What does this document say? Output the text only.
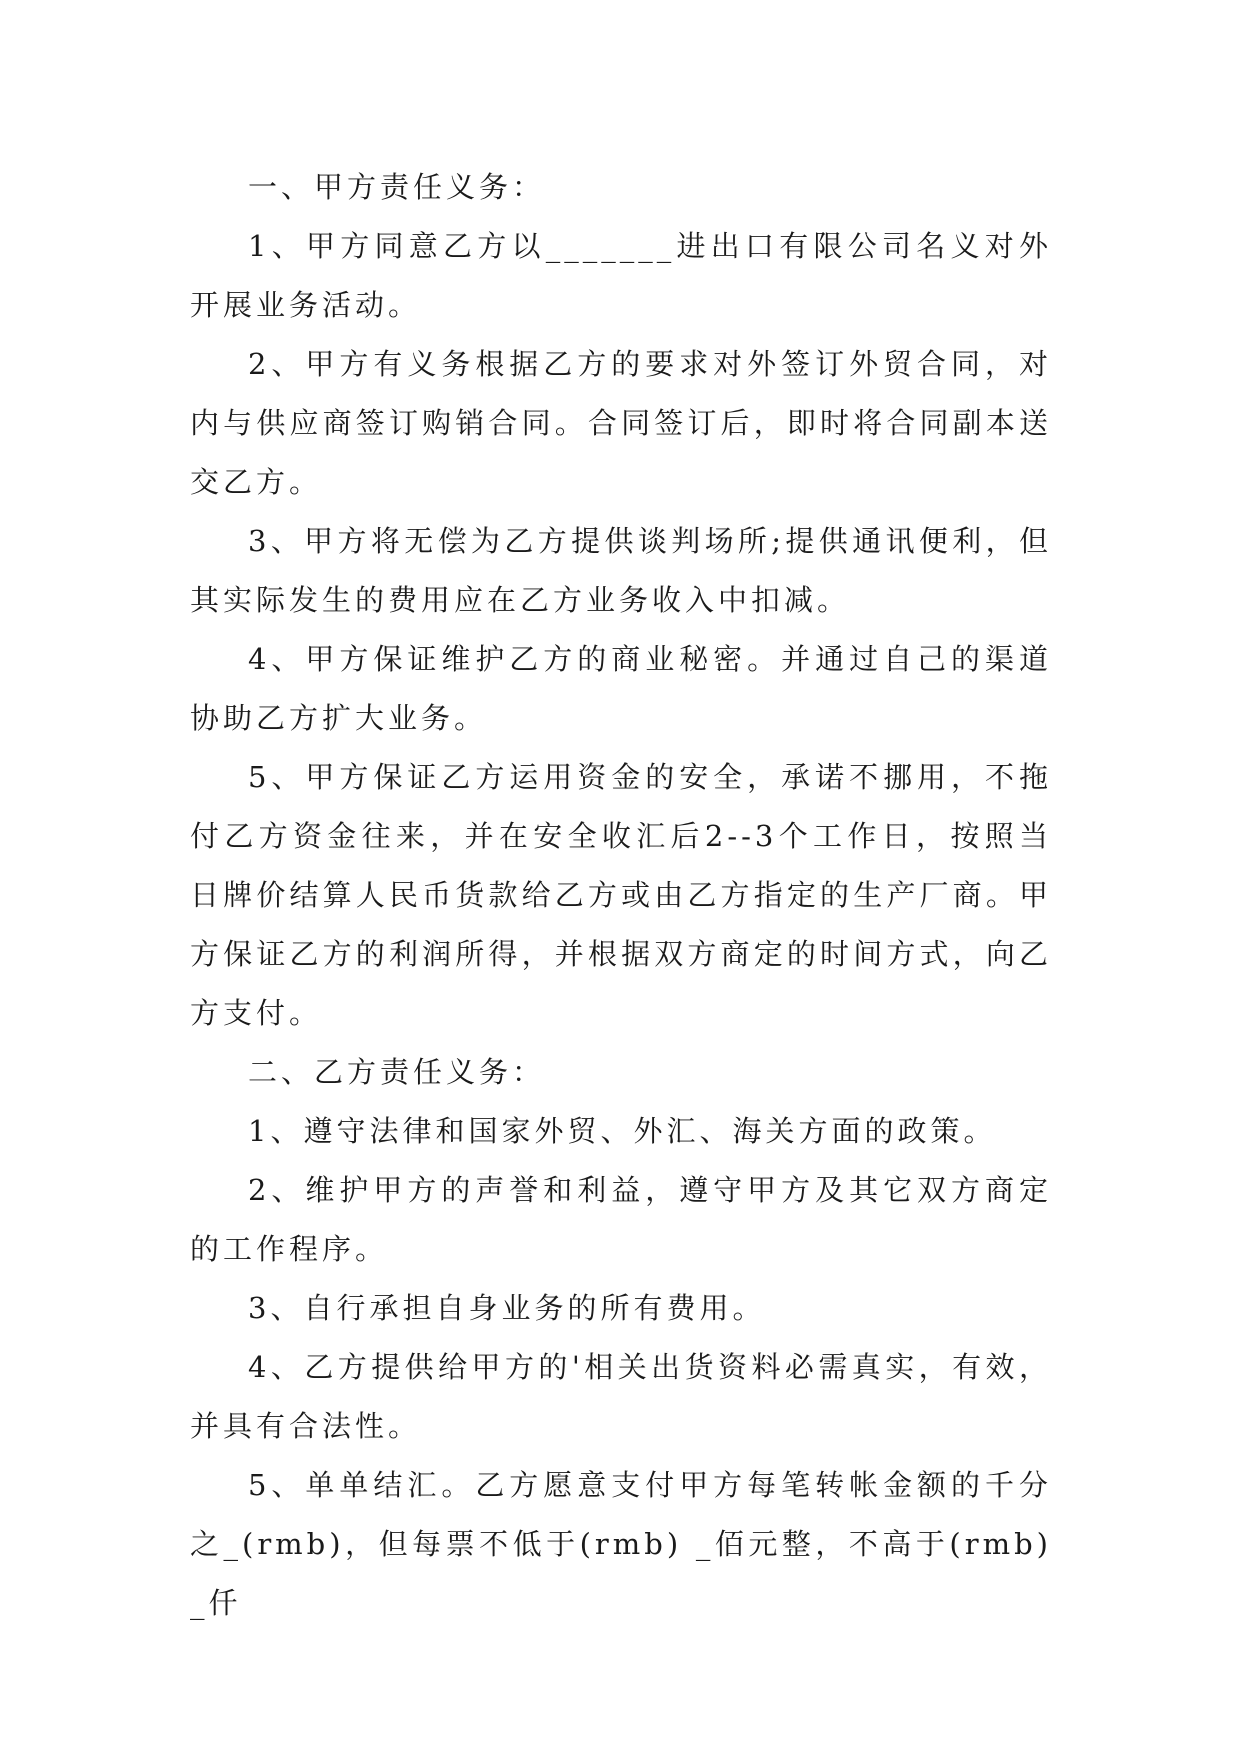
一、甲方责任义务：

1、甲方同意乙方以_______进出口有限公司名义对外开展业务活动。

2、甲方有义务根据乙方的要求对外签订外贸合同，对内与供应商签订购销合同。合同签订后，即时将合同副本送交乙方。

3、甲方将无偿为乙方提供谈判场所;提供通讯便利，但其实际发生的费用应在乙方业务收入中扣减。

4、甲方保证维护乙方的商业秘密。并通过自己的渠道协助乙方扩大业务。

5、甲方保证乙方运用资金的安全，承诺不挪用，不拖付乙方资金往来，并在安全收汇后2--3个工作日，按照当日牌价结算人民币货款给乙方或由乙方指定的生产厂商。甲方保证乙方的利润所得，并根据双方商定的时间方式，向乙方支付。

二、乙方责任义务：

1、遵守法律和国家外贸、外汇、海关方面的政策。

2、维护甲方的声誉和利益，遵守甲方及其它双方商定的工作程序。

3、自行承担自身业务的所有费用。

4、乙方提供给甲方的'相关出货资料必需真实，有效，并具有合法性。

5、单单结汇。乙方愿意支付甲方每笔转帐金额的千分之_(rmb)，但每票不低于(rmb) _佰元整，不高于(rmb) _仟
